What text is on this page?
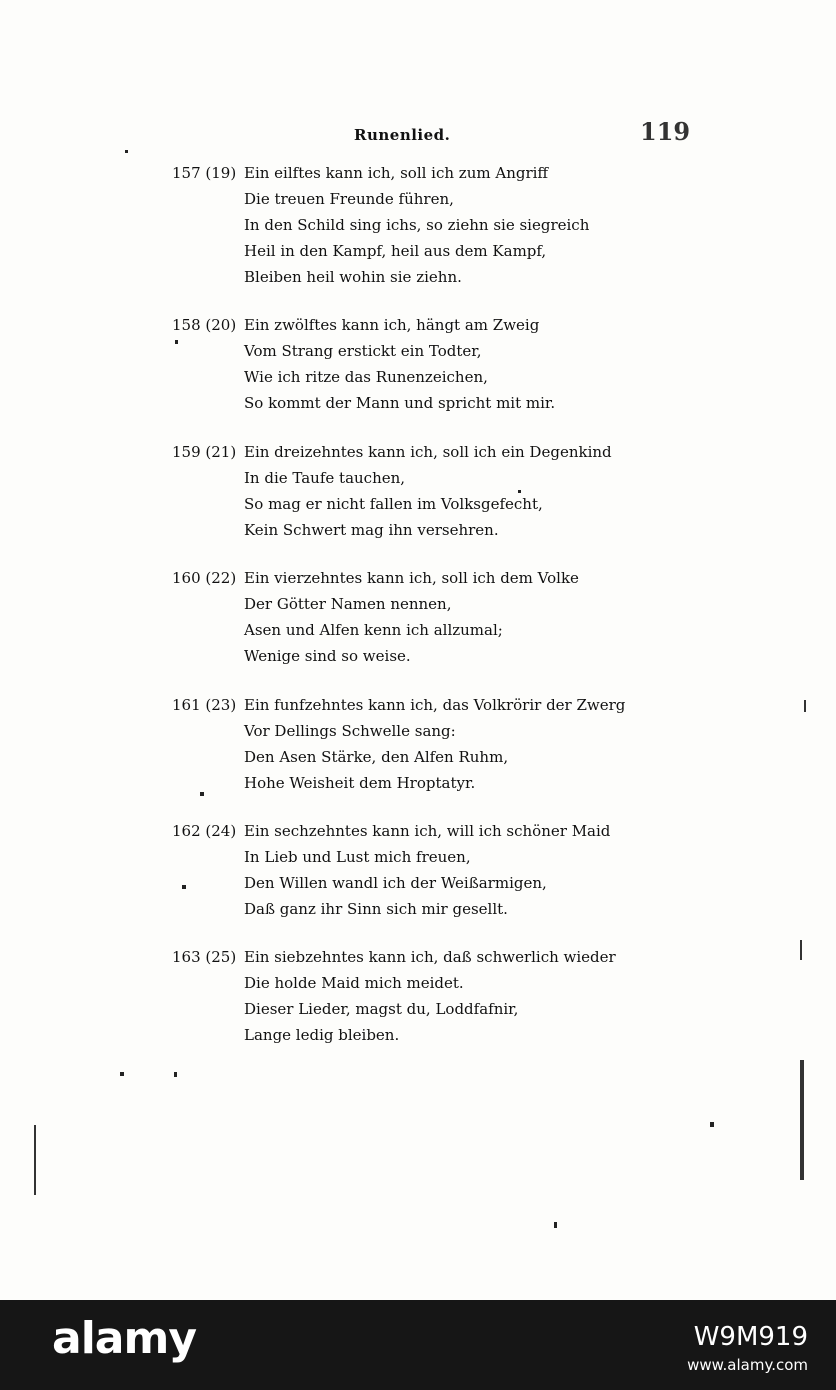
Runenlied.	119
157 (19) Ein eilftes kann ich, soll ich zum Angriff
Die treuen Freunde führen,
In den Schild sing ichs, so ziehn sie siegreich
Heil in den Kampf, heil aus dem Kampf,
Bleiben heil wohin sie ziehn.
158 (20) Ein zwölftes kann ich, hängt am Zweig
Vom Strang erstickt ein Todter,
Wie ich ritze das Runenzeichen,
So kommt der Mann und spricht mit mir.
159 (21) Ein dreizehntes kann ich, soll ich ein Degenkind
In die Taufe tauchen,
So mag er nicht fallen im Volksgefecht,
Kein Schwert mag ihn versehren.
160 (22) Ein vierzehntes kann ich, soll ich dem Volke
Der Götter Namen nennen,
Asen und Alfen kenn ich allzumal;
Wenige sind so weise.
161 (23) Ein funfzehntes kann ich, das Volkrörir der Zwerg
Vor Dellings Schwelle sang:
Den Asen Stärke, den Alfen Ruhm,
Hohe Weisheit dem Hroptatyr.
162 (24) Ein sechzehntes kann ich, will ich schöner Maid
In Lieb und Lust mich freuen,
Den Willen wandl ich der Weißarmigen,
Daß ganz ihr Sinn sich mir gesellt.
163 (25) Ein siebzehntes kann ich, daß schwerlich wieder
Die holde Maid mich meidet.
Dieser Lieder, magst du, Loddfafnir,
Lange ledig bleiben.
alamy	W9M919
www.alamy.com
